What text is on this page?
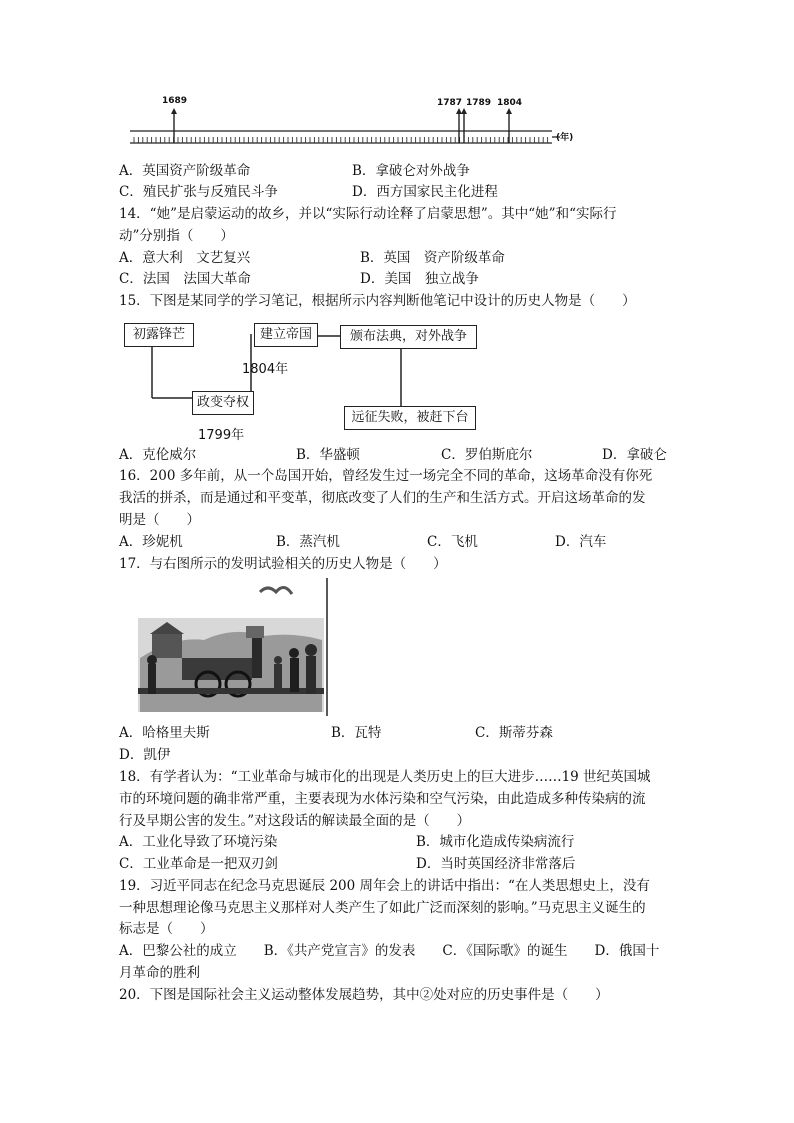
1689	1787 1789 1804
(年)
A．英国资产阶级革命	B．拿破仑对外战争
C．殖民扩张与反殖民斗争	D．西方国家民主化进程
14．“她”是启蒙运动的故乡，并以“实际行动诠释了启蒙思想”。其中“她”和“实际行
动”分别指（　　）
A．意大利　文艺复兴	B．英国　资产阶级革命
C．法国　法国大革命	D．美国　独立战争
15．下图是某同学的学习笔记，根据所示内容判断他笔记中设计的历史人物是（　　）
初露锋芒	建立帝国	颁布法典，对外战争
政变夺权
远征失败，被赶下台
1804年
1799年
A．克伦威尔	B．华盛顿	C．罗伯斯庇尔	D．拿破仑
16．200 多年前，从一个岛国开始，曾经发生过一场完全不同的革命，这场革命没有你死
我活的拼杀，而是通过和平变革，彻底改变了人们的生产和生活方式。开启这场革命的发
明是（　　）
A．珍妮机	B．蒸汽机	C．飞机	D．汽车
17．与右图所示的发明试验相关的历史人物是（　　）
A．哈格里夫斯	B．瓦特	C．斯蒂芬森
D．凯伊
18．有学者认为：“工业革命与城市化的出现是人类历史上的巨大进步……19 世纪英国城
市的环境问题的确非常严重，主要表现为水体污染和空气污染，由此造成多种传染病的流
行及早期公害的发生。”对这段话的解读最全面的是（　　）
A．工业化导致了环境污染	B．城市化造成传染病流行
C．工业革命是一把双刃剑	D．当时英国经济非常落后
19．习近平同志在纪念马克思诞辰 200 周年会上的讲话中指出：“在人类思想史上，没有
一种思想理论像马克思主义那样对人类产生了如此广泛而深刻的影响。”马克思主义诞生的
标志是（　　）
A．巴黎公社的成立　　B．《共产党宣言》的发表　　C．《国际歌》的诞生　　D．俄国十
月革命的胜利
20．下图是国际社会主义运动整体发展趋势，其中②处对应的历史事件是（　　）
